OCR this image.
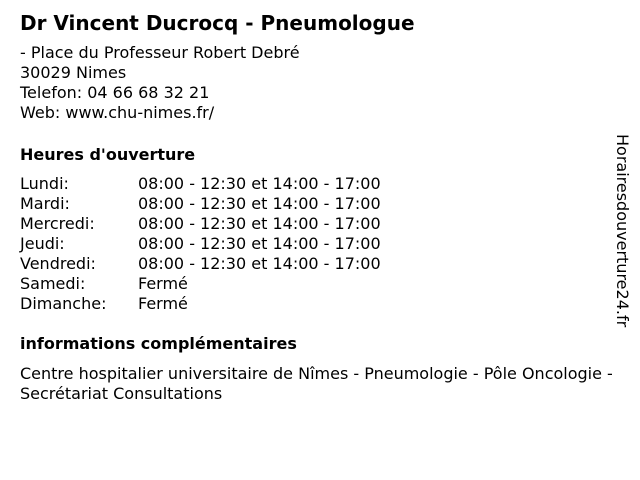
Dr Vincent Ducrocq - Pneumologue
- Place du Professeur Robert Debré
30029 Nimes
Telefon: 04 66 68 32 21
Web: www.chu-nimes.fr/
Heures d'ouverture
Lundi:	08:00 - 12:30 et 14:00 - 17:00
Mardi:	08:00 - 12:30 et 14:00 - 17:00
Mercredi:	08:00 - 12:30 et 14:00 - 17:00
Jeudi:	08:00 - 12:30 et 14:00 - 17:00
Vendredi:	08:00 - 12:30 et 14:00 - 17:00
Samedi:	Fermé
Dimanche:	Fermé
informations complémentaires
Centre hospitalier universitaire de Nîmes - Pneumologie - Pôle Oncologie - Secrétariat Consultations
Horairesdouverture24.fr
